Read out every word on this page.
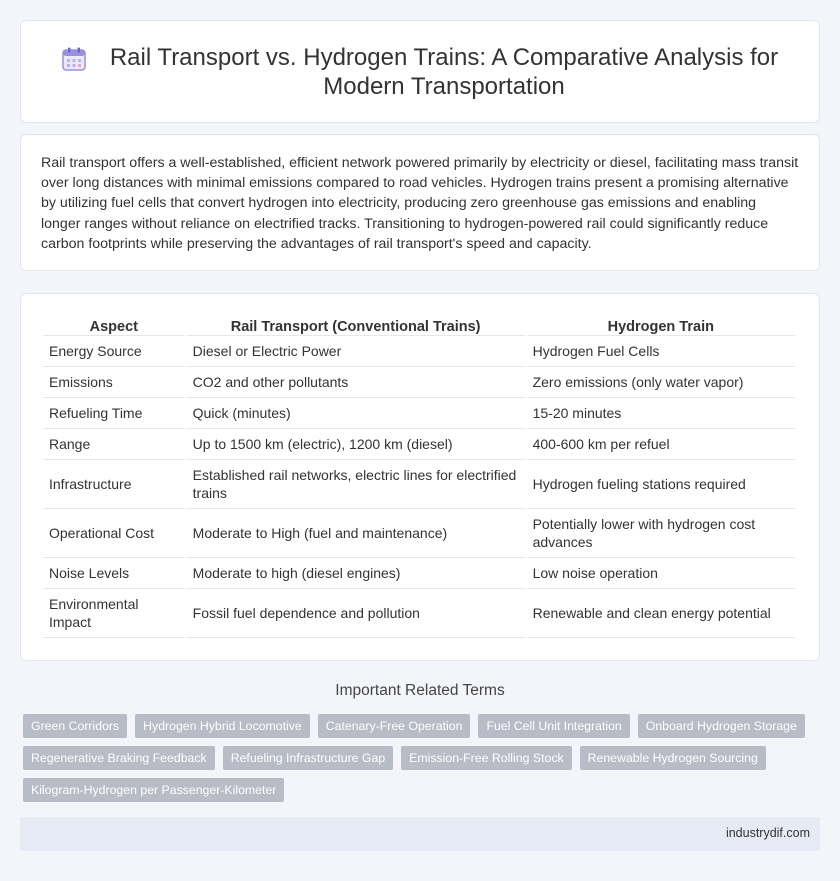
Rail Transport vs. Hydrogen Trains: A Comparative Analysis for Modern Transportation

Rail transport offers a well-established, efficient network powered primarily by electricity or diesel, facilitating mass transit over long distances with minimal emissions compared to road vehicles. Hydrogen trains present a promising alternative by utilizing fuel cells that convert hydrogen into electricity, producing zero greenhouse gas emissions and enabling longer ranges without reliance on electrified tracks. Transitioning to hydrogen-powered rail could significantly reduce carbon footprints while preserving the advantages of rail transport's speed and capacity.

Aspect	Rail Transport (Conventional Trains)	Hydrogen Train
Energy Source	Diesel or Electric Power	Hydrogen Fuel Cells
Emissions	CO2 and other pollutants	Zero emissions (only water vapor)
Refueling Time	Quick (minutes)	15-20 minutes
Range	Up to 1500 km (electric), 1200 km (diesel)	400-600 km per refuel
Infrastructure	Established rail networks, electric lines for electrified trains	Hydrogen fueling stations required
Operational Cost	Moderate to High (fuel and maintenance)	Potentially lower with hydrogen cost advances
Noise Levels	Moderate to high (diesel engines)	Low noise operation
Environmental Impact	Fossil fuel dependence and pollution	Renewable and clean energy potential
Important Related Terms
Green Corridors	Hydrogen Hybrid Locomotive	Catenary-Free Operation	Fuel Cell Unit Integration	Onboard Hydrogen Storage
Regenerative Braking Feedback	Refueling Infrastructure Gap	Emission-Free Rolling Stock	Renewable Hydrogen Sourcing
Kilogram-Hydrogen per Passenger-Kilometer
industrydif.com
